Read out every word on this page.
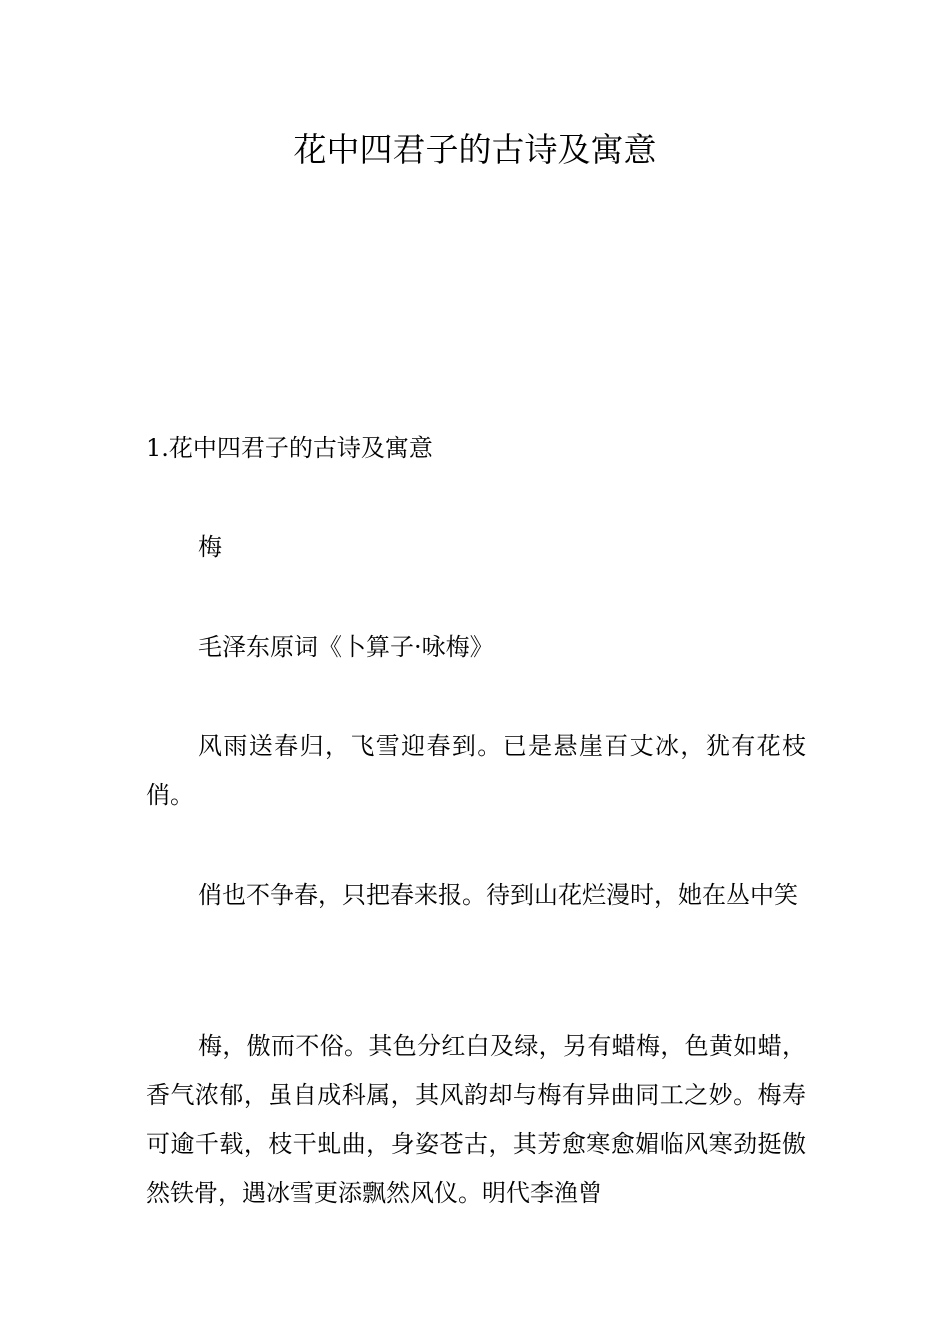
花中四君子的古诗及寓意

1.花中四君子的古诗及寓意

梅

毛泽东原词《卜算子·咏梅》

风雨送春归，飞雪迎春到。已是悬崖百丈冰，犹有花枝俏。

俏也不争春，只把春来报。待到山花烂漫时，她在丛中笑

梅，傲而不俗。其色分红白及绿，另有蜡梅，色黄如蜡，香气浓郁，虽自成科属，其风韵却与梅有异曲同工之妙。梅寿可逾千载，枝干虬曲，身姿苍古，其芳愈寒愈媚临风寒劲挺傲然铁骨，遇冰雪更添飘然风仪。明代李渔曾
